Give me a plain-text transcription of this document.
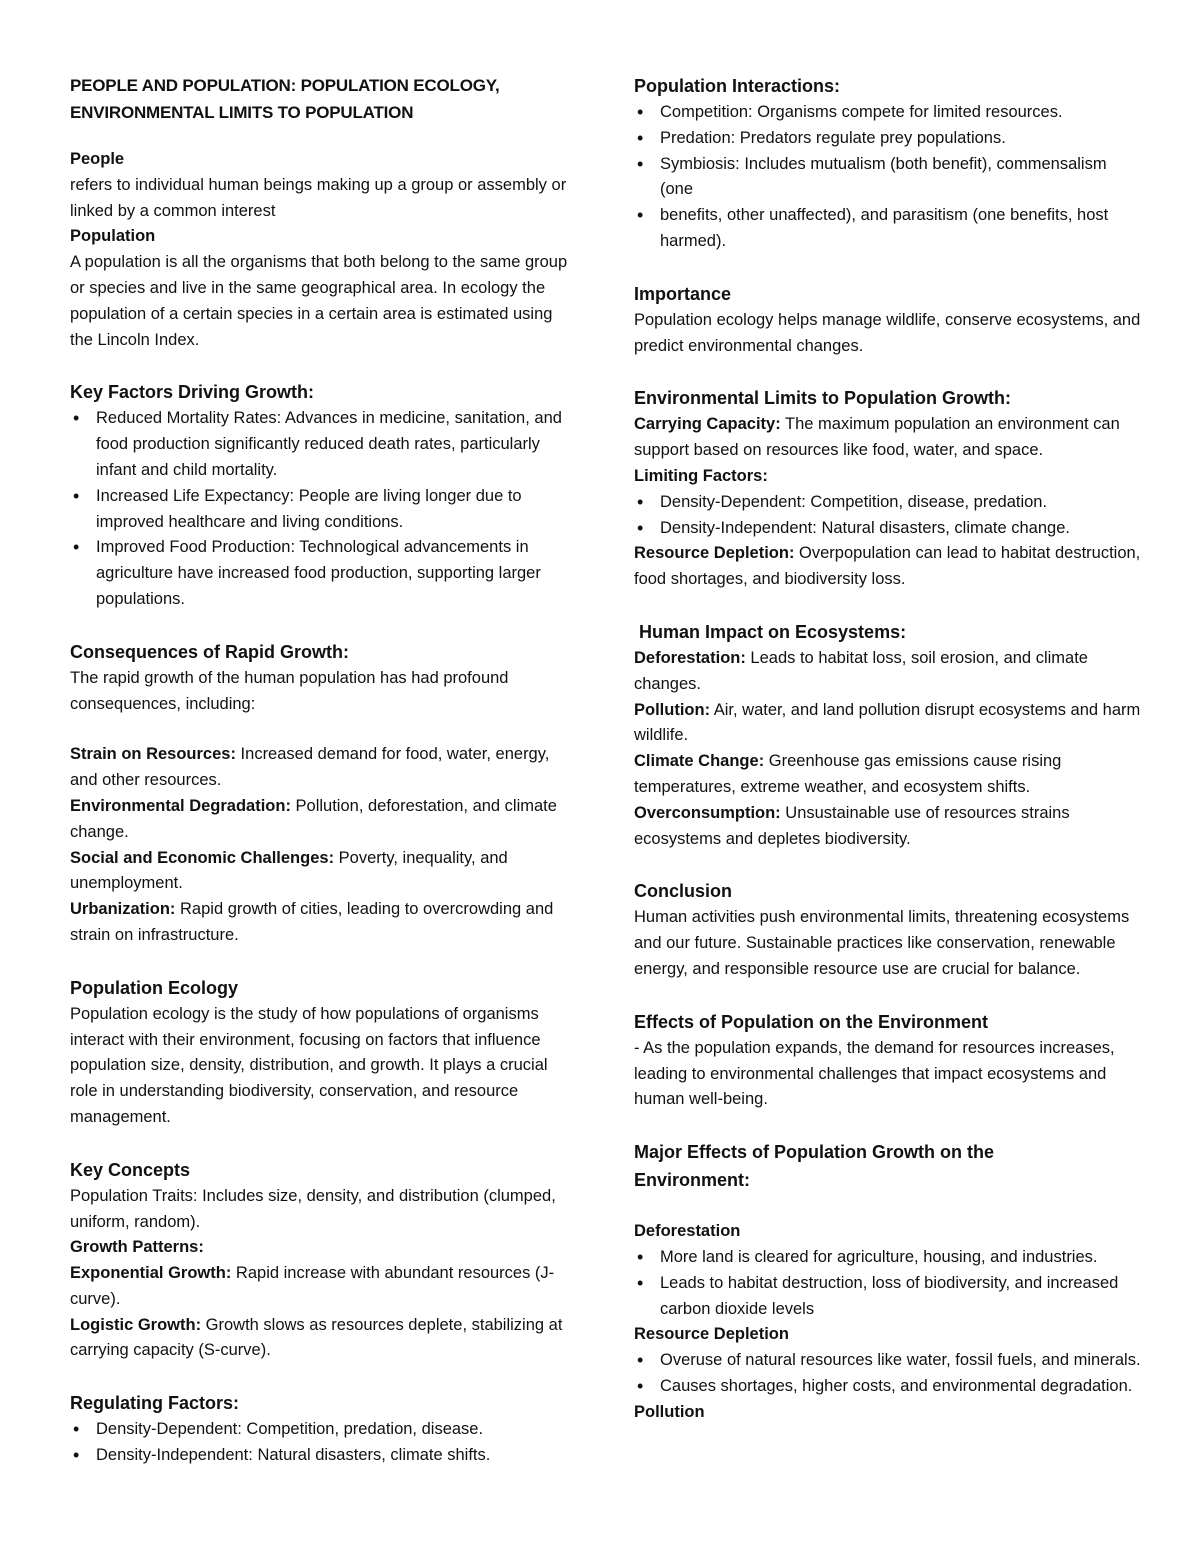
PEOPLE AND POPULATION: POPULATION ECOLOGY,
ENVIRONMENTAL LIMITS TO POPULATION
People

refers to individual human beings making up a group or assembly or linked by a common interest

Population

A population is all the organisms that both belong to the same group or species and live in the same geographical area. In ecology the population of a certain species in a certain area is estimated using the Lincoln Index.

Key Factors Driving Growth:
• Reduced Mortality Rates: Advances in medicine, sanitation, and food production significantly reduced death rates, particularly infant and child mortality.
• Increased Life Expectancy: People are living longer due to improved healthcare and living conditions.
• Improved Food Production: Technological advancements in agriculture have increased food production, supporting larger populations.
Consequences of Rapid Growth:

The rapid growth of the human population has had profound consequences, including:

Strain on Resources: Increased demand for food, water, energy, and other resources.

Environmental Degradation: Pollution, deforestation, and climate change.

Social and Economic Challenges: Poverty, inequality, and unemployment.

Urbanization: Rapid growth of cities, leading to overcrowding and strain on infrastructure.

Population Ecology

Population ecology is the study of how populations of organisms interact with their environment, focusing on factors that influence population size, density, distribution, and growth. It plays a crucial role in understanding biodiversity, conservation, and resource management.

Key Concepts

Population Traits: Includes size, density, and distribution (clumped, uniform, random).

Growth Patterns:

Exponential Growth: Rapid increase with abundant resources (J-curve).

Logistic Growth: Growth slows as resources deplete, stabilizing at carrying capacity (S-curve).

Regulating Factors:
• Density-Dependent: Competition, predation, disease.
• Density-Independent: Natural disasters, climate shifts.
Population Interactions:
• Competition: Organisms compete for limited resources.
• Predation: Predators regulate prey populations.
• Symbiosis: Includes mutualism (both benefit), commensalism (one
• benefits, other unaffected), and parasitism (one benefits, host harmed).
Importance

Population ecology helps manage wildlife, conserve ecosystems, and predict environmental changes.

Environmental Limits to Population Growth:

Carrying Capacity: The maximum population an environment can support based on resources like food, water, and space.

Limiting Factors:
• Density-Dependent: Competition, disease, predation.
• Density-Independent: Natural disasters, climate change.

Resource Depletion: Overpopulation can lead to habitat destruction, food shortages, and biodiversity loss.

Human Impact on Ecosystems:

Deforestation: Leads to habitat loss, soil erosion, and climate changes.

Pollution: Air, water, and land pollution disrupt ecosystems and harm wildlife.

Climate Change: Greenhouse gas emissions cause rising temperatures, extreme weather, and ecosystem shifts.

Overconsumption: Unsustainable use of resources strains ecosystems and depletes biodiversity.

Conclusion

Human activities push environmental limits, threatening ecosystems and our future. Sustainable practices like conservation, renewable energy, and responsible resource use are crucial for balance.

Effects of Population on the Environment

- As the population expands, the demand for resources increases, leading to environmental challenges that impact ecosystems and human well-being.

Major Effects of Population Growth on the
Environment:
Deforestation
• More land is cleared for agriculture, housing, and industries.
• Leads to habitat destruction, loss of biodiversity, and increased carbon dioxide levels
Resource Depletion
• Overuse of natural resources like water, fossil fuels, and minerals.
• Causes shortages, higher costs, and environmental degradation.
Pollution
